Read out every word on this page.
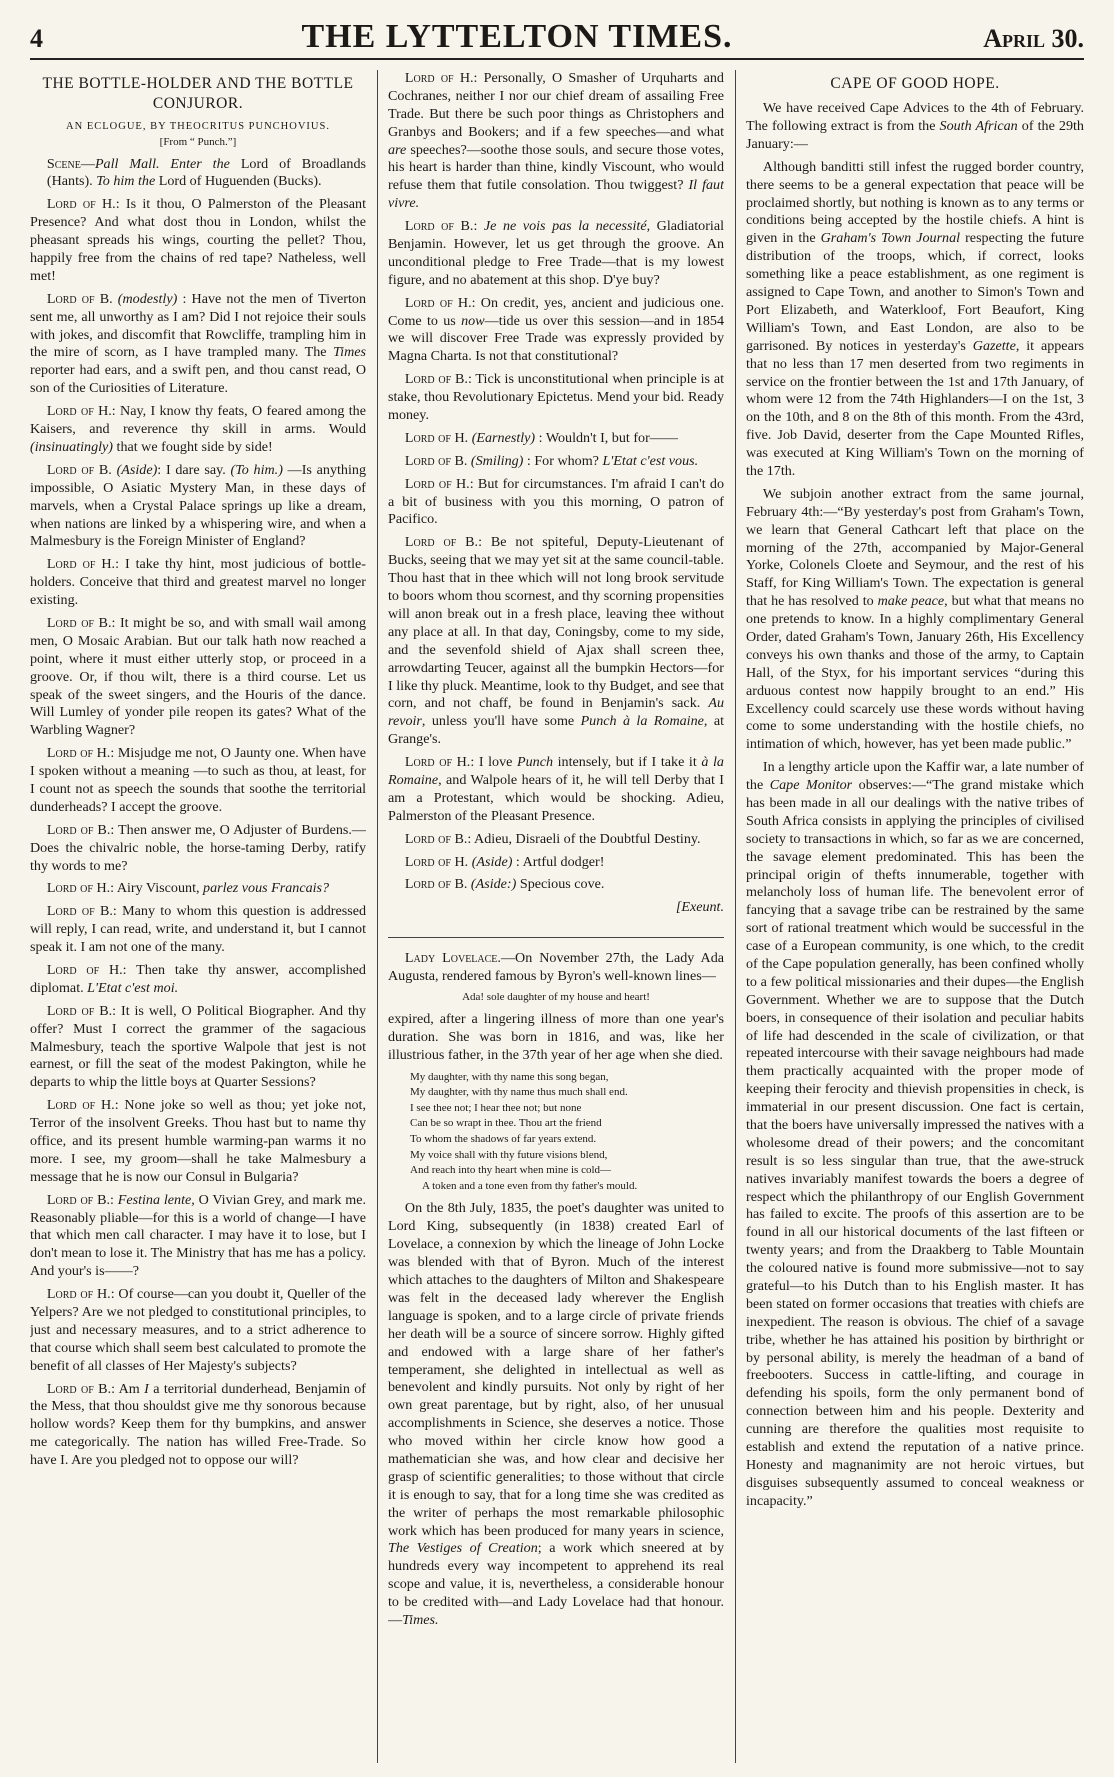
4	THE LYTTELTON TIMES.	April 30.
THE BOTTLE-HOLDER AND THE BOTTLE CONJUROR.
AN ECLOGUE, BY THEOCRITUS PUNCHOVIUS.
[From “ Punch.”]

Scene—Pall Mall. Enter the Lord of Broadlands (Hants). To him the Lord of Huguenden (Bucks).

Lord of H.: Is it thou, O Palmerston of the Pleasant Presence? And what dost thou in London, whilst the pheasant spreads his wings, courting the pellet? Thou, happily free from the chains of red tape? Natheless, well met!

Lord of B. (modestly) : Have not the men of Tiverton sent me, all unworthy as I am? Did I not rejoice their souls with jokes, and discomfit that Rowcliffe, trampling him in the mire of scorn, as I have trampled many. The Times reporter had ears, and a swift pen, and thou canst read, O son of the Curiosities of Literature.

Lord of H.: Nay, I know thy feats, O feared among the Kaisers, and reverence thy skill in arms. Would (insinuatingly) that we fought side by side!

Lord of B. (Aside): I dare say. (To him.) —Is anything impossible, O Asiatic Mystery Man, in these days of marvels, when a Crystal Palace springs up like a dream, when nations are linked by a whispering wire, and when a Malmesbury is the Foreign Minister of England?

Lord of H.: I take thy hint, most judicious of bottle-holders. Conceive that third and greatest marvel no longer existing.

Lord of B.: It might be so, and with small wail among men, O Mosaic Arabian. But our talk hath now reached a point, where it must either utterly stop, or proceed in a groove. Or, if thou wilt, there is a third course. Let us speak of the sweet singers, and the Houris of the dance. Will Lumley of yonder pile reopen its gates? What of the Warbling Wagner?

Lord of H.: Misjudge me not, O Jaunty one. When have I spoken without a meaning —to such as thou, at least, for I count not as speech the sounds that soothe the territorial dunderheads? I accept the groove.

Lord of B.: Then answer me, O Adjuster of Burdens.—Does the chivalric noble, the horse-taming Derby, ratify thy words to me?

Lord of H.: Airy Viscount, parlez vous Francais?

Lord of B.: Many to whom this question is addressed will reply, I can read, write, and understand it, but I cannot speak it. I am not one of the many.

Lord of H.: Then take thy answer, accomplished diplomat. L'Etat c'est moi.

Lord of B.: It is well, O Political Biographer. And thy offer? Must I correct the grammer of the sagacious Malmesbury, teach the sportive Walpole that jest is not earnest, or fill the seat of the modest Pakington, while he departs to whip the little boys at Quarter Sessions?

Lord of H.: None joke so well as thou; yet joke not, Terror of the insolvent Greeks. Thou hast but to name thy office, and its present humble warming-pan warms it no more. I see, my groom—shall he take Malmesbury a message that he is now our Consul in Bulgaria?

Lord of B.: Festina lente, O Vivian Grey, and mark me. Reasonably pliable—for this is a world of change—I have that which men call character. I may have it to lose, but I don't mean to lose it. The Ministry that has me has a policy. And your's is——?

Lord of H.: Of course—can you doubt it, Queller of the Yelpers? Are we not pledged to constitutional principles, to just and necessary measures, and to a strict adherence to that course which shall seem best calculated to promote the benefit of all classes of Her Majesty's subjects?

Lord of B.: Am I a territorial dunderhead, Benjamin of the Mess, that thou shouldst give me thy sonorous because hollow words? Keep them for thy bumpkins, and answer me categorically. The nation has willed Free-Trade. So have I. Are you pledged not to oppose our will?

Lord of H.: Personally, O Smasher of Urquharts and Cochranes, neither I nor our chief dream of assailing Free Trade. But there be such poor things as Christophers and Granbys and Bookers; and if a few speeches—and what are speeches?—soothe those souls, and secure those votes, his heart is harder than thine, kindly Viscount, who would refuse them that futile consolation. Thou twiggest? Il faut vivre.

Lord of B.: Je ne vois pas la necessité, Gladiatorial Benjamin. However, let us get through the groove. An unconditional pledge to Free Trade—that is my lowest figure, and no abatement at this shop. D'ye buy?

Lord of H.: On credit, yes, ancient and judicious one. Come to us now—tide us over this session—and in 1854 we will discover Free Trade was expressly provided by Magna Charta. Is not that constitutional?

Lord of B.: Tick is unconstitutional when principle is at stake, thou Revolutionary Epictetus. Mend your bid. Ready money.

Lord of H. (Earnestly) : Wouldn't I, but for——

Lord of B. (Smiling) : For whom? L'Etat c'est vous.

Lord of H.: But for circumstances. I'm afraid I can't do a bit of business with you this morning, O patron of Pacifico.

Lord of B.: Be not spiteful, Deputy-Lieutenant of Bucks, seeing that we may yet sit at the same council-table. Thou hast that in thee which will not long brook servitude to boors whom thou scornest, and thy scorning propensities will anon break out in a fresh place, leaving thee without any place at all. In that day, Coningsby, come to my side, and the sevenfold shield of Ajax shall screen thee, arrowdarting Teucer, against all the bumpkin Hectors—for I like thy pluck. Meantime, look to thy Budget, and see that corn, and not chaff, be found in Benjamin's sack. Au revoir, unless you'll have some Punch à la Romaine, at Grange's.

Lord of H.: I love Punch intensely, but if I take it à la Romaine, and Walpole hears of it, he will tell Derby that I am a Protestant, which would be shocking. Adieu, Palmerston of the Pleasant Presence.

Lord of B.: Adieu, Disraeli of the Doubtful Destiny.

Lord of H. (Aside) : Artful dodger!

Lord of B. (Aside:) Specious cove.

[Exeunt.

Lady Lovelace.—On November 27th, the Lady Ada Augusta, rendered famous by Byron's well-known lines—

Ada! sole daughter of my house and heart!

expired, after a lingering illness of more than one year's duration. She was born in 1816, and was, like her illustrious father, in the 37th year of her age when she died.

My daughter, with thy name this song began,
My daughter, with thy name thus much shall end.
I see thee not; I hear thee not; but none
Can be so wrapt in thee. Thou art the friend
To whom the shadows of far years extend.
My voice shall with thy future visions blend,
And reach into thy heart when mine is cold—
A token and a tone even from thy father's mould.

On the 8th July, 1835, the poet's daughter was united to Lord King, subsequently (in 1838) created Earl of Lovelace, a connexion by which the lineage of John Locke was blended with that of Byron. Much of the interest which attaches to the daughters of Milton and Shakespeare was felt in the deceased lady wherever the English language is spoken, and to a large circle of private friends her death will be a source of sincere sorrow. Highly gifted and endowed with a large share of her father's temperament, she delighted in intellectual as well as benevolent and kindly pursuits. Not only by right of her own great parentage, but by right, also, of her unusual accomplishments in Science, she deserves a notice. Those who moved within her circle know how good a mathematician she was, and how clear and decisive her grasp of scientific generalities; to those without that circle it is enough to say, that for a long time she was credited as the writer of perhaps the most remarkable philosophic work which has been produced for many years in science, The Vestiges of Creation; a work which sneered at by hundreds every way incompetent to apprehend its real scope and value, it is, nevertheless, a considerable honour to be credited with—and Lady Lovelace had that honour.—Times.

CAPE OF GOOD HOPE.

We have received Cape Advices to the 4th of February. The following extract is from the South African of the 29th January:—

Although banditti still infest the rugged border country, there seems to be a general expectation that peace will be proclaimed shortly, but nothing is known as to any terms or conditions being accepted by the hostile chiefs. A hint is given in the Graham's Town Journal respecting the future distribution of the troops, which, if correct, looks something like a peace establishment, as one regiment is assigned to Cape Town, and another to Simon's Town and Port Elizabeth, and Waterkloof, Fort Beaufort, King William's Town, and East London, are also to be garrisoned. By notices in yesterday's Gazette, it appears that no less than 17 men deserted from two regiments in service on the frontier between the 1st and 17th January, of whom were 12 from the 74th Highlanders—I on the 1st, 3 on the 10th, and 8 on the 8th of this month. From the 43rd, five. Job David, deserter from the Cape Mounted Rifles, was executed at King William's Town on the morning of the 17th.

We subjoin another extract from the same journal, February 4th:—“By yesterday's post from Graham's Town, we learn that General Cathcart left that place on the morning of the 27th, accompanied by Major-General Yorke, Colonels Cloete and Seymour, and the rest of his Staff, for King William's Town. The expectation is general that he has resolved to make peace, but what that means no one pretends to know. In a highly complimentary General Order, dated Graham's Town, January 26th, His Excellency conveys his own thanks and those of the army, to Captain Hall, of the Styx, for his important services “during this arduous contest now happily brought to an end.” His Excellency could scarcely use these words without having come to some understanding with the hostile chiefs, no intimation of which, however, has yet been made public.”

In a lengthy article upon the Kaffir war, a late number of the Cape Monitor observes:—“The grand mistake which has been made in all our dealings with the native tribes of South Africa consists in applying the principles of civilised society to transactions in which, so far as we are concerned, the savage element predominated. This has been the principal origin of thefts innumerable, together with melancholy loss of human life. The benevolent error of fancying that a savage tribe can be restrained by the same sort of rational treatment which would be successful in the case of a European community, is one which, to the credit of the Cape population generally, has been confined wholly to a few political missionaries and their dupes—the English Government. Whether we are to suppose that the Dutch boers, in consequence of their isolation and peculiar habits of life had descended in the scale of civilization, or that repeated intercourse with their savage neighbours had made them practically acquainted with the proper mode of keeping their ferocity and thievish propensities in check, is immaterial in our present discussion. One fact is certain, that the boers have universally impressed the natives with a wholesome dread of their powers; and the concomitant result is so less singular than true, that the awe-struck natives invariably manifest towards the boers a degree of respect which the philanthropy of our English Government has failed to excite. The proofs of this assertion are to be found in all our historical documents of the last fifteen or twenty years; and from the Draakberg to Table Mountain the coloured native is found more submissive—not to say grateful—to his Dutch than to his English master. It has been stated on former occasions that treaties with chiefs are inexpedient. The reason is obvious. The chief of a savage tribe, whether he has attained his position by birthright or by personal ability, is merely the headman of a band of freebooters. Success in cattle-lifting, and courage in defending his spoils, form the only permanent bond of connection between him and his people. Dexterity and cunning are therefore the qualities most requisite to establish and extend the reputation of a native prince. Honesty and magnanimity are not heroic virtues, but disguises subsequently assumed to conceal weakness or incapacity.”
